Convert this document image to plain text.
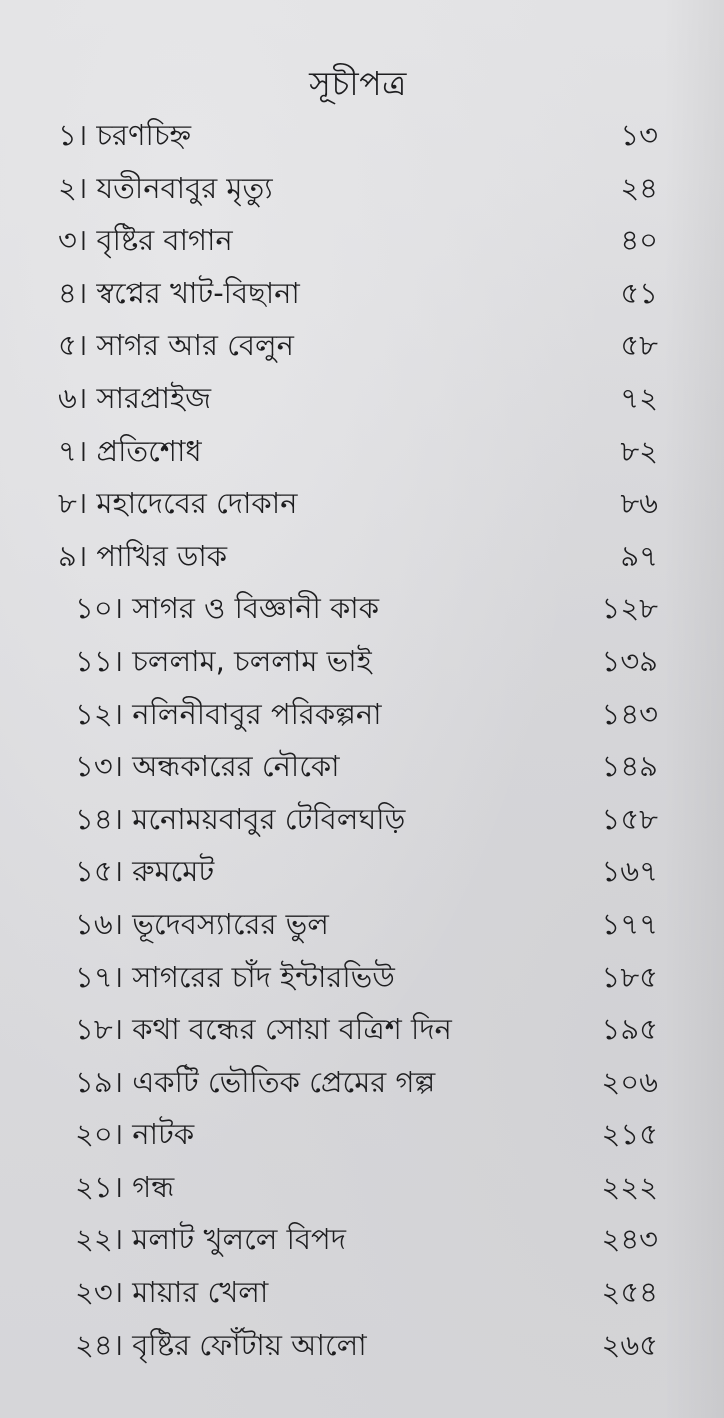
সূচীপত্র
১। চরণচিহ্ন	১৩
২। যতীনবাবুর মৃত্যু	২৪
৩। বৃষ্টির বাগান	৪০
৪। স্বপ্নের খাট-বিছানা	৫১
৫। সাগর আর বেলুন	৫৮
৬। সারপ্রাইজ	৭২
৭। প্রতিশোধ	৮২
৮। মহাদেবের দোকান	৮৬
৯। পাখির ডাক	৯৭
১০। সাগর ও বিজ্ঞানী কাক	১২৮
১১। চললাম, চললাম ভাই	১৩৯
১২। নলিনীবাবুর পরিকল্পনা	১৪৩
১৩। অন্ধকারের নৌকো	১৪৯
১৪। মনোময়বাবুর টেবিলঘড়ি	১৫৮
১৫। রুমমেট	১৬৭
১৬। ভূদেবস্যারের ভুল	১৭৭
১৭। সাগরের চাঁদ ইন্টারভিউ	১৮৫
১৮। কথা বন্ধের সোয়া বত্রিশ দিন	১৯৫
১৯। একটি ভৌতিক প্রেমের গল্প	২০৬
২০। নাটক	২১৫
২১। গন্ধ	২২২
২২। মলাট খুললে বিপদ	২৪৩
২৩। মায়ার খেলা	২৫৪
২৪। বৃষ্টির ফোঁটায় আলো	২৬৫
